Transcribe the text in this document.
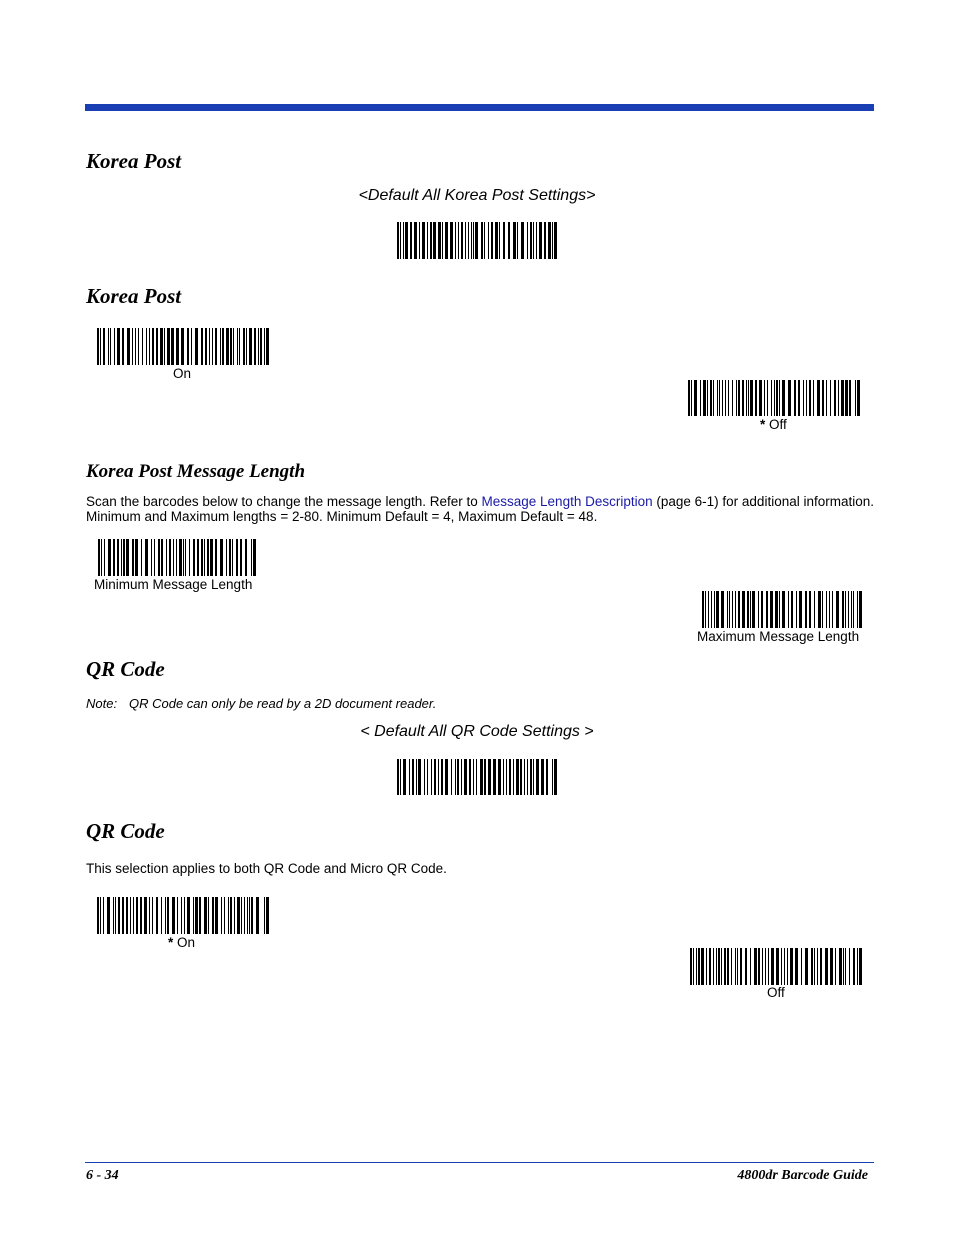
Korea Post
<Default All Korea Post Settings>
Korea Post
On
* Off
Korea Post Message Length

Scan the barcodes below to change the message length. Refer to Message Length Description (page 6-1) for additional information. Minimum and Maximum lengths = 2-80. Minimum Default = 4, Maximum Default = 48.

Minimum Message Length
Maximum Message Length
QR Code
Note: QR Code can only be read by a 2D document reader.
< Default All QR Code Settings >
QR Code

This selection applies to both QR Code and Micro QR Code.

* On
Off
6 - 34	4800dr Barcode Guide
